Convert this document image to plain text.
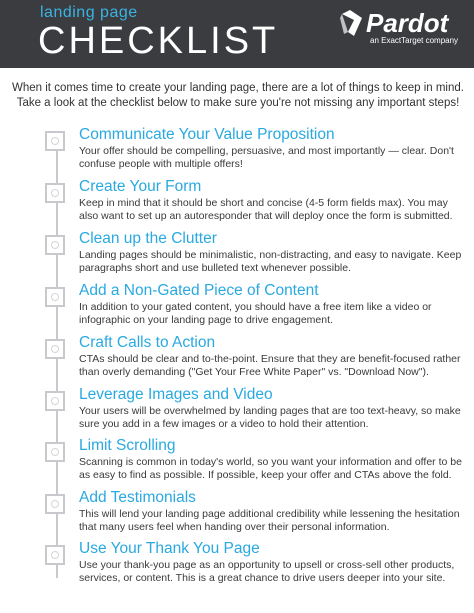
landing page
CHECKLIST	Pardot
an ExactTarget company
When it comes time to create your landing page, there are a lot of things to keep in mind. Take a look at the checklist below to make sure you're not missing any important steps!
Communicate Your Value Proposition
Your offer should be compelling, persuasive, and most importantly — clear. Don't confuse people with multiple offers!
Create Your Form
Keep in mind that it should be short and concise (4-5 form fields max). You may also want to set up an autoresponder that will deploy once the form is submitted.
Clean up the Clutter
Landing pages should be minimalistic, non-distracting, and easy to navigate. Keep paragraphs short and use bulleted text whenever possible.
Add a Non-Gated Piece of Content
In addition to your gated content, you should have a free item like a video or infographic on your landing page to drive engagement.
Craft Calls to Action
CTAs should be clear and to-the-point. Ensure that they are benefit-focused rather than overly demanding ("Get Your Free White Paper" vs. "Download Now").
Leverage Images and Video
Your users will be overwhelmed by landing pages that are too text-heavy, so make sure you add in a few images or a video to hold their attention.
Limit Scrolling
Scanning is common in today's world, so you want your information and offer to be as easy to find as possible. If possible, keep your offer and CTAs above the fold.
Add Testimonials
This will lend your landing page additional credibility while lessening the hesitation that many users feel when handing over their personal information.
Use Your Thank You Page
Use your thank-you page as an opportunity to upsell or cross-sell other products, services, or content. This is a great chance to drive users deeper into your site.
